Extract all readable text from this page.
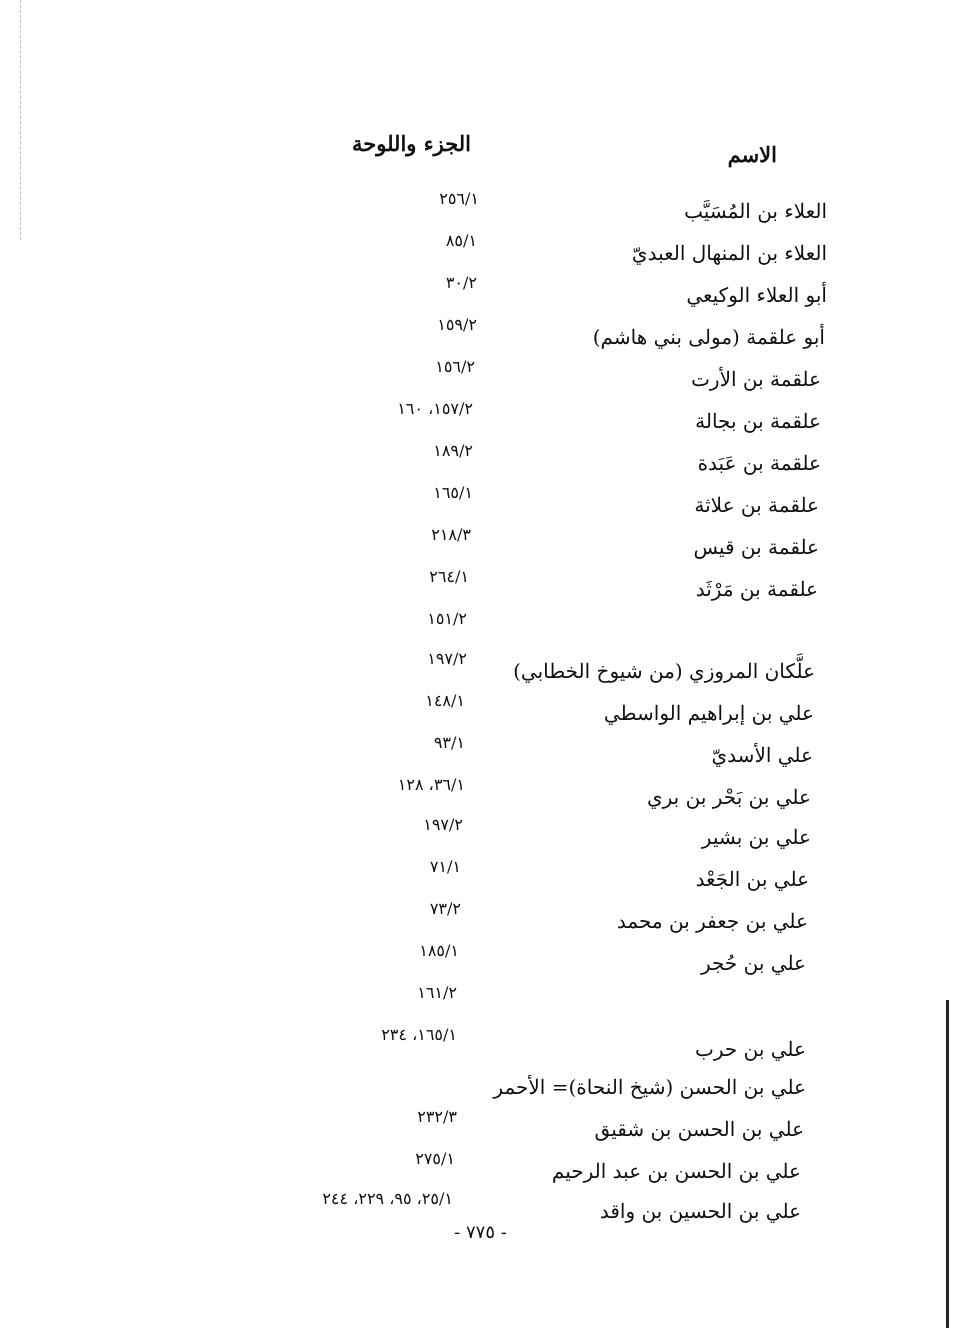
الاسم
الجزء واللوحة
العلاء بن المُسَيَّب
٢٥٦/١
العلاء بن المنهال العبديّ
٨٥/١
أبو العلاء الوكيعي
٣٠/٢
أبو علقمة (مولى بني هاشم)
١٥٩/٢
علقمة بن الأرت
١٥٦/٢
علقمة بن بجالة
١٥٧/٢، ١٦٠
علقمة بن عَبَدة
١٨٩/٢
علقمة بن علاثة
١٦٥/١
علقمة بن قيس
٢١٨/٣
علقمة بن مَرْثَد
٢٦٤/١
١٥١/٢
علَّكان المروزي (من شيوخ الخطابي)
١٩٧/٢
علي بن إبراهيم الواسطي
١٤٨/١
علي الأسديّ
٩٣/١
علي بن بَحْر بن بري
٣٦/١، ١٢٨
علي بن بشير
١٩٧/٢
علي بن الجَعْد
٧١/١
علي بن جعفر بن محمد
٧٣/٢
علي بن حُجر
١٨٥/١
١٦١/٢
١٦٥/١، ٢٣٤
علي بن حرب
علي بن الحسن (شيخ النحاة)= الأحمر
علي بن الحسن بن شقيق
٢٣٢/٣
علي بن الحسن بن عبد الرحيم
٢٧٥/١
علي بن الحسين بن واقد
٢٥/١، ٩٥، ٢٢٩، ٢٤٤
- ٧٧٥ -
